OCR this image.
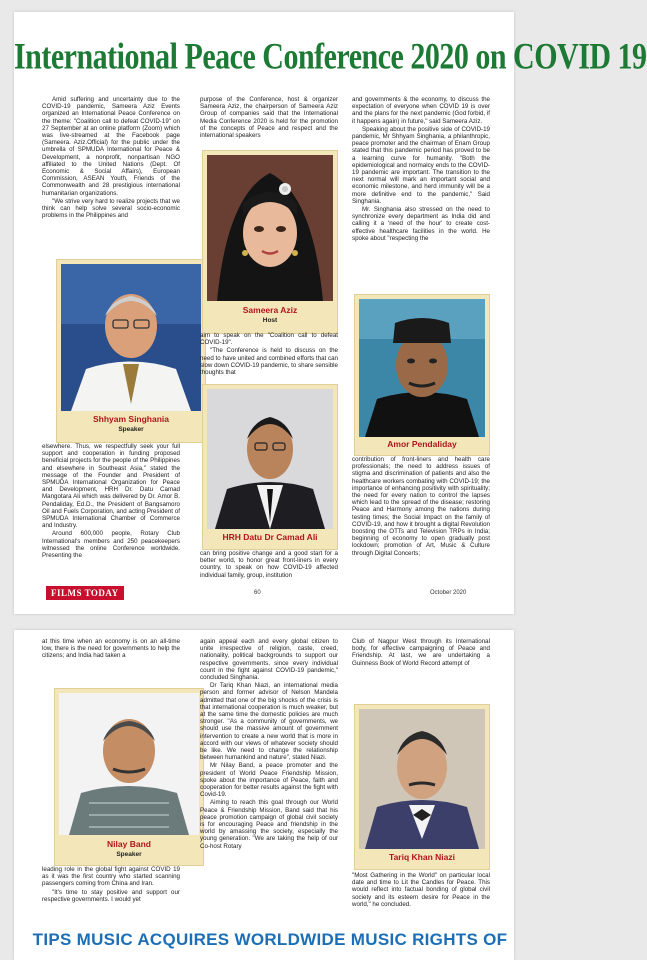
International Peace Conference 2020 on COVID 19

Amid suffering and uncertainty due to the COVID-19 pandemic, Sameera Aziz Events organized an International Peace Conference on the theme: "Coalition call to defeat COVID-19" on 27 September at an online platform (Zoom) which was live-streamed at the Facebook page (Sameera. Aziz.Official) for the public under the umbrella of SPMUDA International for Peace & Development, a nonprofit, nonpartisan NGO affiliated to the United Nations (Dept. Of Economic & Social Affairs), European Commission, ASEAN Youth, Friends of the Commonwealth and 28 prestigious international humanitarian organizations.

"We strive very hard to realize projects that we think can help solve several socio-economic problems in the Philippines and

Shhyam Singhania
Speaker

elsewhere. Thus, we respectfully seek your full support and cooperation in funding proposed beneficial projects for the people of the Philippines and elsewhere in Southeast Asia," stated the message of the Founder and President of SPMUDA International Organization for Peace and Development, HRH Dr. Datu Camad Mangotara Ali which was delivered by Dr. Amor B. Pendaliday, Ed.D., the President of Bangsamoro Oil and Fuels Corporation, and acting President of SPMUDA International Chamber of Commerce and Industry.

Around 600,000 people, Rotary Club International's members and 250 peacekeepers witnessed the online Conference worldwide. Presenting the

purpose of the Conference, host & organizer Sameera Aziz, the chairperson of Sameera Aziz Group of companies said that the International Media Conference 2020 is held for the promotion of the concepts of Peace and respect and the international speakers

Sameera Aziz
Host

aim to speak on the "Coalition call to defeat COVID-19".

"The Conference is held to discuss on the need to have united and combined efforts that can slow down COVID-19 pandemic, to share sensible thoughts that

HRH Datu Dr Camad Ali

can bring positive change and a good start for a better world, to honor great front-liners in every country, to speak on how COVID-19 affected individual family, group, institution

and governments & the economy, to discuss the expectation of everyone when COVID 19 is over and the plans for the next pandemic (God forbid, if it happens again) in future," said Sameera Aziz.

Speaking about the positive side of COVID-19 pandemic, Mr Shhyam Singhania, a philanthropic, peace promoter and the chairman of Enam Group stated that this pandemic period has proved to be a learning curve for humanity. "Both the epidemiological and normalcy ends to the COVID-19 pandemic are important. The transition to the next normal will mark an important social and economic milestone, and herd immunity will be a more definitive end to the pandemic," Said Singhania.

Mr. Singhania also stressed on the need to synchronize every department as India did and calling it a 'need of the hour' to create cost-effective healthcare facilities in the world. He spoke about "respecting the

Amor Pendaliday

contribution of front-liners and health care professionals; the need to address issues of stigma and discrimination of patients and also the healthcare workers combating with COVID-19; the importance of enhancing positivity with spirituality; the need for every nation to control the lapses which lead to the spread of the disease; restoring Peace and Harmony among the nations during testing times; the Social Impact on the family of COVID-19, and how it brought a digital Revolution boosting the OTTs and Television TRPs in India; beginning of economy to open gradually post lockdown; promotion of Art, Music & Culture through Digital Concerts;

FILMS TODAY	60	October 2020

at this time when an economy is on an all-time low, there is the need for governments to help the citizens; and India had taken a

Nilay Band
Speaker

leading role in the global fight against COVID 19 as it was the first country who started scanning passengers coming from China and Iran.

"It's time to stay positive and support our respective governments. I would yet

again appeal each and every global citizen to unite irrespective of religion, caste, creed, nationality, political backgrounds to support our respective governments, since every individual count in the fight against COVID-19 pandemic," concluded Singhania.

Dr Tariq Khan Niazi, an international media person and former advisor of Nelson Mandela admitted that one of the big shocks of the crisis is that international cooperation is much weaker, but at the same time the domestic policies are much stronger. "As a community of governments, we should use the massive amount of government intervention to create a new world that is more in accord with our views of whatever society should be like. We need to change the relationship between humankind and nature", stated Niazi.

Mr Nilay Band, a peace promoter and the president of World Peace Friendship Mission, spoke about the importance of Peace, faith and cooperation for better results against the fight with Covid-19.

Aiming to reach this goal through our World Peace & Friendship Mission, Band said that his peace promotion campaign of global civil society is for encouraging Peace and friendship in the world by amassing the society, especially the young generation. "We are taking the help of our Co-host Rotary

Club of Nagpur West through its International body, for effective campaigning of Peace and Friendship. At last, we are undertaking a Guinness Book of World Record attempt of

Tariq Khan Niazi

"Most Gathering in the World" on particular local date and time to Lit the Candles for Peace. This would reflect into factual bonding of global civil society and its esteem desire for Peace in the world," he concluded.

TIPS MUSIC ACQUIRES WORLDWIDE MUSIC RIGHTS OF
